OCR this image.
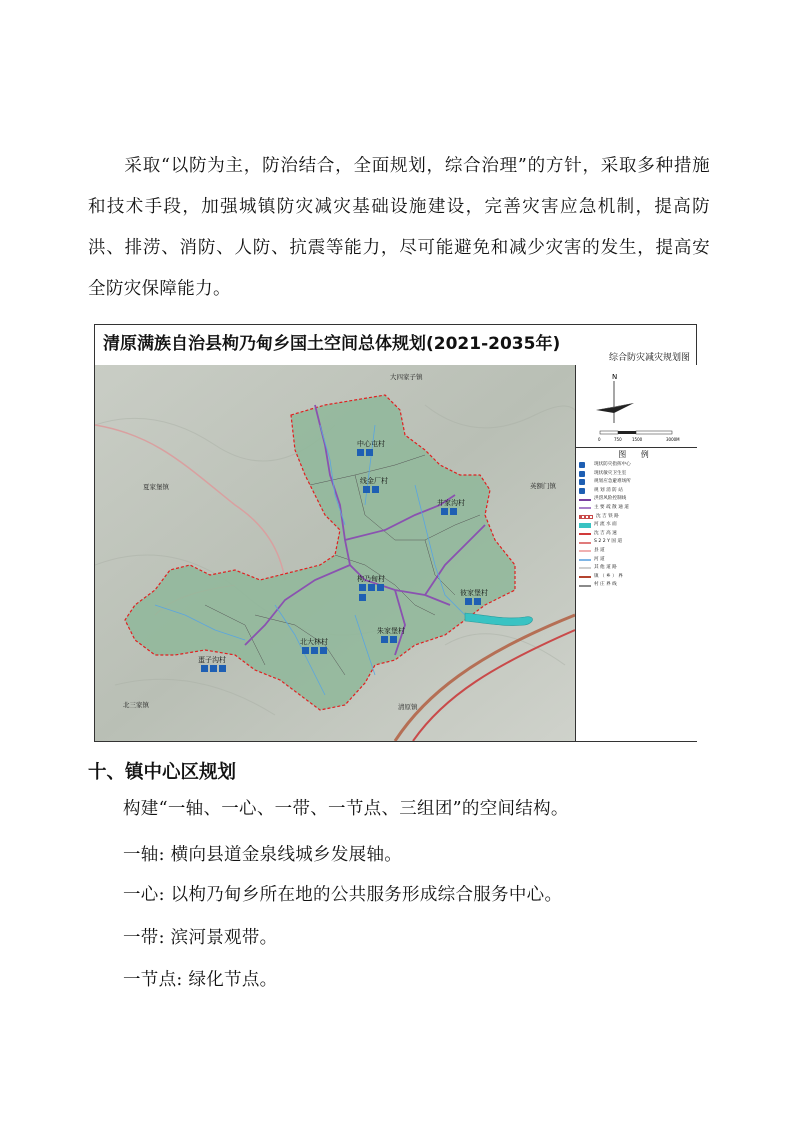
采取“以防为主，防治结合，全面规划，综合治理”的方针，采取多种措施和技术手段，加强城镇防灾减灾基础设施建设，完善灾害应急机制，提高防洪、排涝、消防、人防、抗震等能力，尽可能避免和减少灾害的发生，提高安全防灾保障能力。

清原满族自治县枸乃甸乡国土空间总体规划(2021-2035年)
综合防灾减灾规划图
大四家子镇
夏家堡镇	英额门镇
北三家镇	清原镇
中心屯村
线金厂村
井家沟村
枸乃甸村
彼家堡村
北大林村
朱家堡村
蛋子沟村
N
0	750	1500	3000M
图 例
现状防灾指挥中心
现状敏灾卫生室
规划应急避难场所
规 划 消 防 站
洪涝风险控制线
主 要 疏 散 通 道
沈 吉 铁 路
河 流 水 面
沈 吉 高 速
S 2 2 Y 国 道
县 道
河 道
其 他 道 路
镇 （ 乡 ） 界
村 庄 界 线
十、镇中心区规划

构建“一轴、一心、一带、一节点、三组团”的空间结构。

一轴: 横向县道金泉线城乡发展轴。

一心: 以枸乃甸乡所在地的公共服务形成综合服务中心。

一带: 滨河景观带。

一节点: 绿化节点。
